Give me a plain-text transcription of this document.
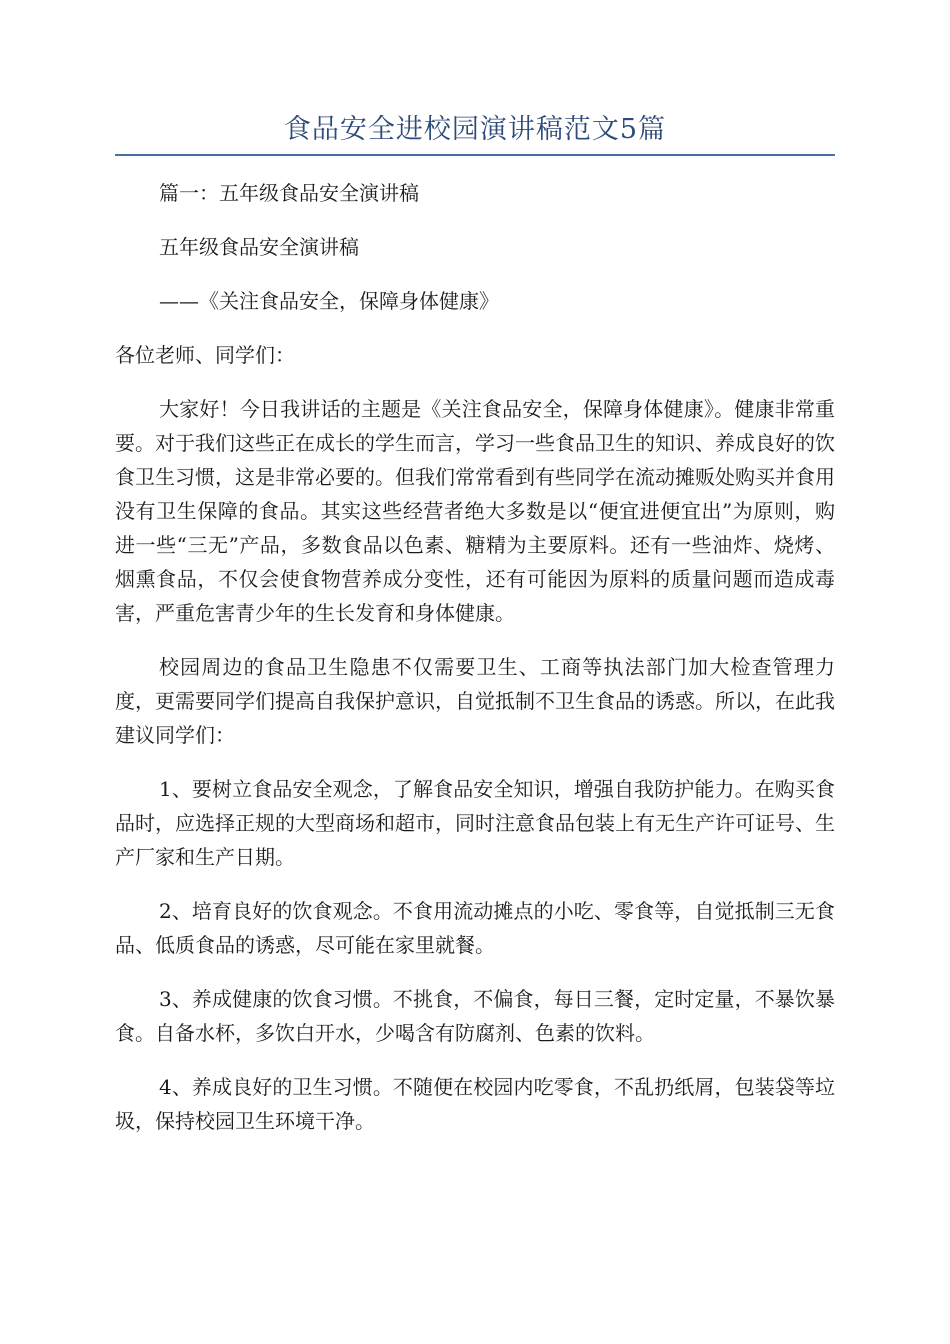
食品安全进校园演讲稿范文5篇

篇一：五年级食品安全演讲稿

五年级食品安全演讲稿

——《关注食品安全，保障身体健康》

各位老师、同学们：

大家好！今日我讲话的主题是《关注食品安全，保障身体健康》。健康非常重要。对于我们这些正在成长的学生而言，学习一些食品卫生的知识、养成良好的饮食卫生习惯，这是非常必要的。但我们常常看到有些同学在流动摊贩处购买并食用没有卫生保障的食品。其实这些经营者绝大多数是以“便宜进便宜出”为原则，购进一些“三无”产品，多数食品以色素、糖精为主要原料。还有一些油炸、烧烤、烟熏食品，不仅会使食物营养成分变性，还有可能因为原料的质量问题而造成毒害，严重危害青少年的生长发育和身体健康。

校园周边的食品卫生隐患不仅需要卫生、工商等执法部门加大检查管理力度，更需要同学们提高自我保护意识，自觉抵制不卫生食品的诱惑。所以，在此我建议同学们：

1、要树立食品安全观念，了解食品安全知识，增强自我防护能力。在购买食品时，应选择正规的大型商场和超市，同时注意食品包装上有无生产许可证号、生产厂家和生产日期。

2、培育良好的饮食观念。不食用流动摊点的小吃、零食等，自觉抵制三无食品、低质食品的诱惑，尽可能在家里就餐。

3、养成健康的饮食习惯。不挑食，不偏食，每日三餐，定时定量，不暴饮暴食。自备水杯，多饮白开水，少喝含有防腐剂、色素的饮料。

4、养成良好的卫生习惯。不随便在校园内吃零食，不乱扔纸屑，包装袋等垃圾，保持校园卫生环境干净。
